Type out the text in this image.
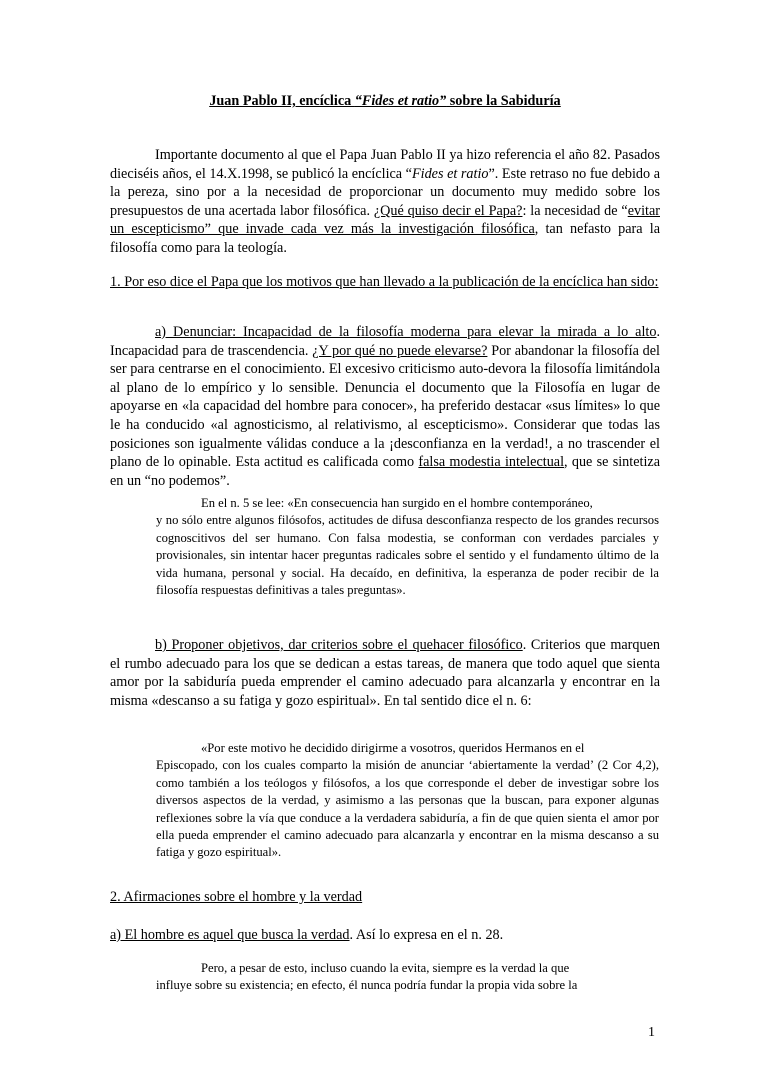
Juan Pablo II, encíclica “Fides et ratio” sobre la Sabiduría
Importante documento al que el Papa Juan Pablo II ya hizo referencia el año 82. Pasados dieciséis años, el 14.X.1998, se publicó la encíclica “Fides et ratio”. Este retraso no fue debido a la pereza, sino por a la necesidad de proporcionar un documento muy medido sobre los presupuestos de una acertada labor filosófica. ¿Qué quiso decir el Papa?: la necesidad de “evitar un escepticismo” que invade cada vez más la investigación filosófica, tan nefasto para la filosofía como para la teología.
1. Por eso dice el Papa que los motivos que han llevado a la publicación de la encíclica han sido:
a) Denunciar: Incapacidad de la filosofía moderna para elevar la mirada a lo alto. Incapacidad para de trascendencia. ¿Y por qué no puede elevarse? Por abandonar la filosofía del ser para centrarse en el conocimiento. El excesivo criticismo auto-devora la filosofía limitándola al plano de lo empírico y lo sensible. Denuncia el documento que la Filosofía en lugar de apoyarse en «la capacidad del hombre para conocer», ha preferido destacar «sus límites» lo que le ha conducido «al agnosticismo, al relativismo, al escepticismo». Considerar que todas las posiciones son igualmente válidas conduce a la ¡desconfianza en la verdad!, a no trascender el plano de lo opinable. Esta actitud es calificada como falsa modestia intelectual, que se sintetiza en un “no podemos”.
En el n. 5 se lee: «En consecuencia han surgido en el hombre contemporáneo,
y no sólo entre algunos filósofos, actitudes de difusa desconfianza respecto de los grandes recursos cognoscitivos del ser humano. Con falsa modestia, se conforman con verdades parciales y provisionales, sin intentar hacer preguntas radicales sobre el sentido y el fundamento último de la vida humana, personal y social. Ha decaído, en definitiva, la esperanza de poder recibir de la filosofía respuestas definitivas a tales preguntas».
b) Proponer objetivos, dar criterios sobre el quehacer filosófico. Criterios que marquen el rumbo adecuado para los que se dedican a estas tareas, de manera que todo aquel que sienta amor por la sabiduría pueda emprender el camino adecuado para alcanzarla y encontrar en la misma «descanso a su fatiga y gozo espiritual». En tal sentido dice el n. 6:
«Por este motivo he decidido dirigirme a vosotros, queridos Hermanos en el
Episcopado, con los cuales comparto la misión de anunciar ‘abiertamente la verdad’ (2 Cor 4,2), como también a los teólogos y filósofos, a los que corresponde el deber de investigar sobre los diversos aspectos de la verdad, y asimismo a las personas que la buscan, para exponer algunas reflexiones sobre la vía que conduce a la verdadera sabiduría, a fin de que quien sienta el amor por ella pueda emprender el camino adecuado para alcanzarla y encontrar en la misma descanso a su fatiga y gozo espiritual».
2. Afirmaciones sobre el hombre y la verdad
a) El hombre es aquel que busca la verdad. Así lo expresa en el n. 28.
Pero, a pesar de esto, incluso cuando la evita, siempre es la verdad la que
influye sobre su existencia; en efecto, él nunca podría fundar la propia vida sobre la
1
